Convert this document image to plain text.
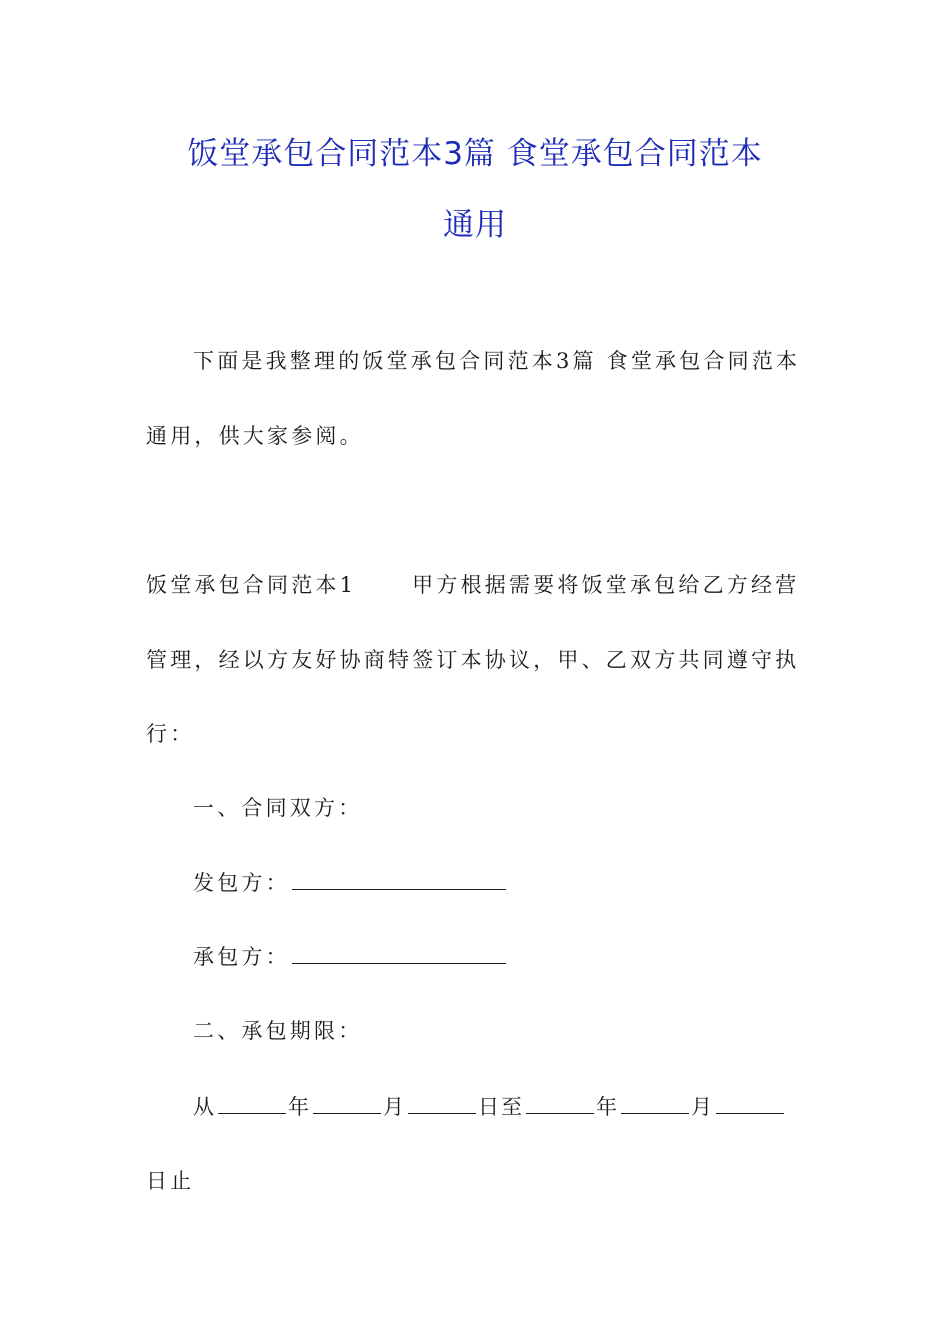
饭堂承包合同范本3篇 食堂承包合同范本
通用
下面是我整理的饭堂承包合同范本3篇 食堂承包合同范本
通用，供大家参阅。
饭堂承包合同范本1	甲方根据需要将饭堂承包给乙方经营
管理，经以方友好协商特签订本协议，甲、乙双方共同遵守执
行：
一、合同双方：
发包方：
承包方：
二、承包期限：
从	年	月	日至	年	月
日止
